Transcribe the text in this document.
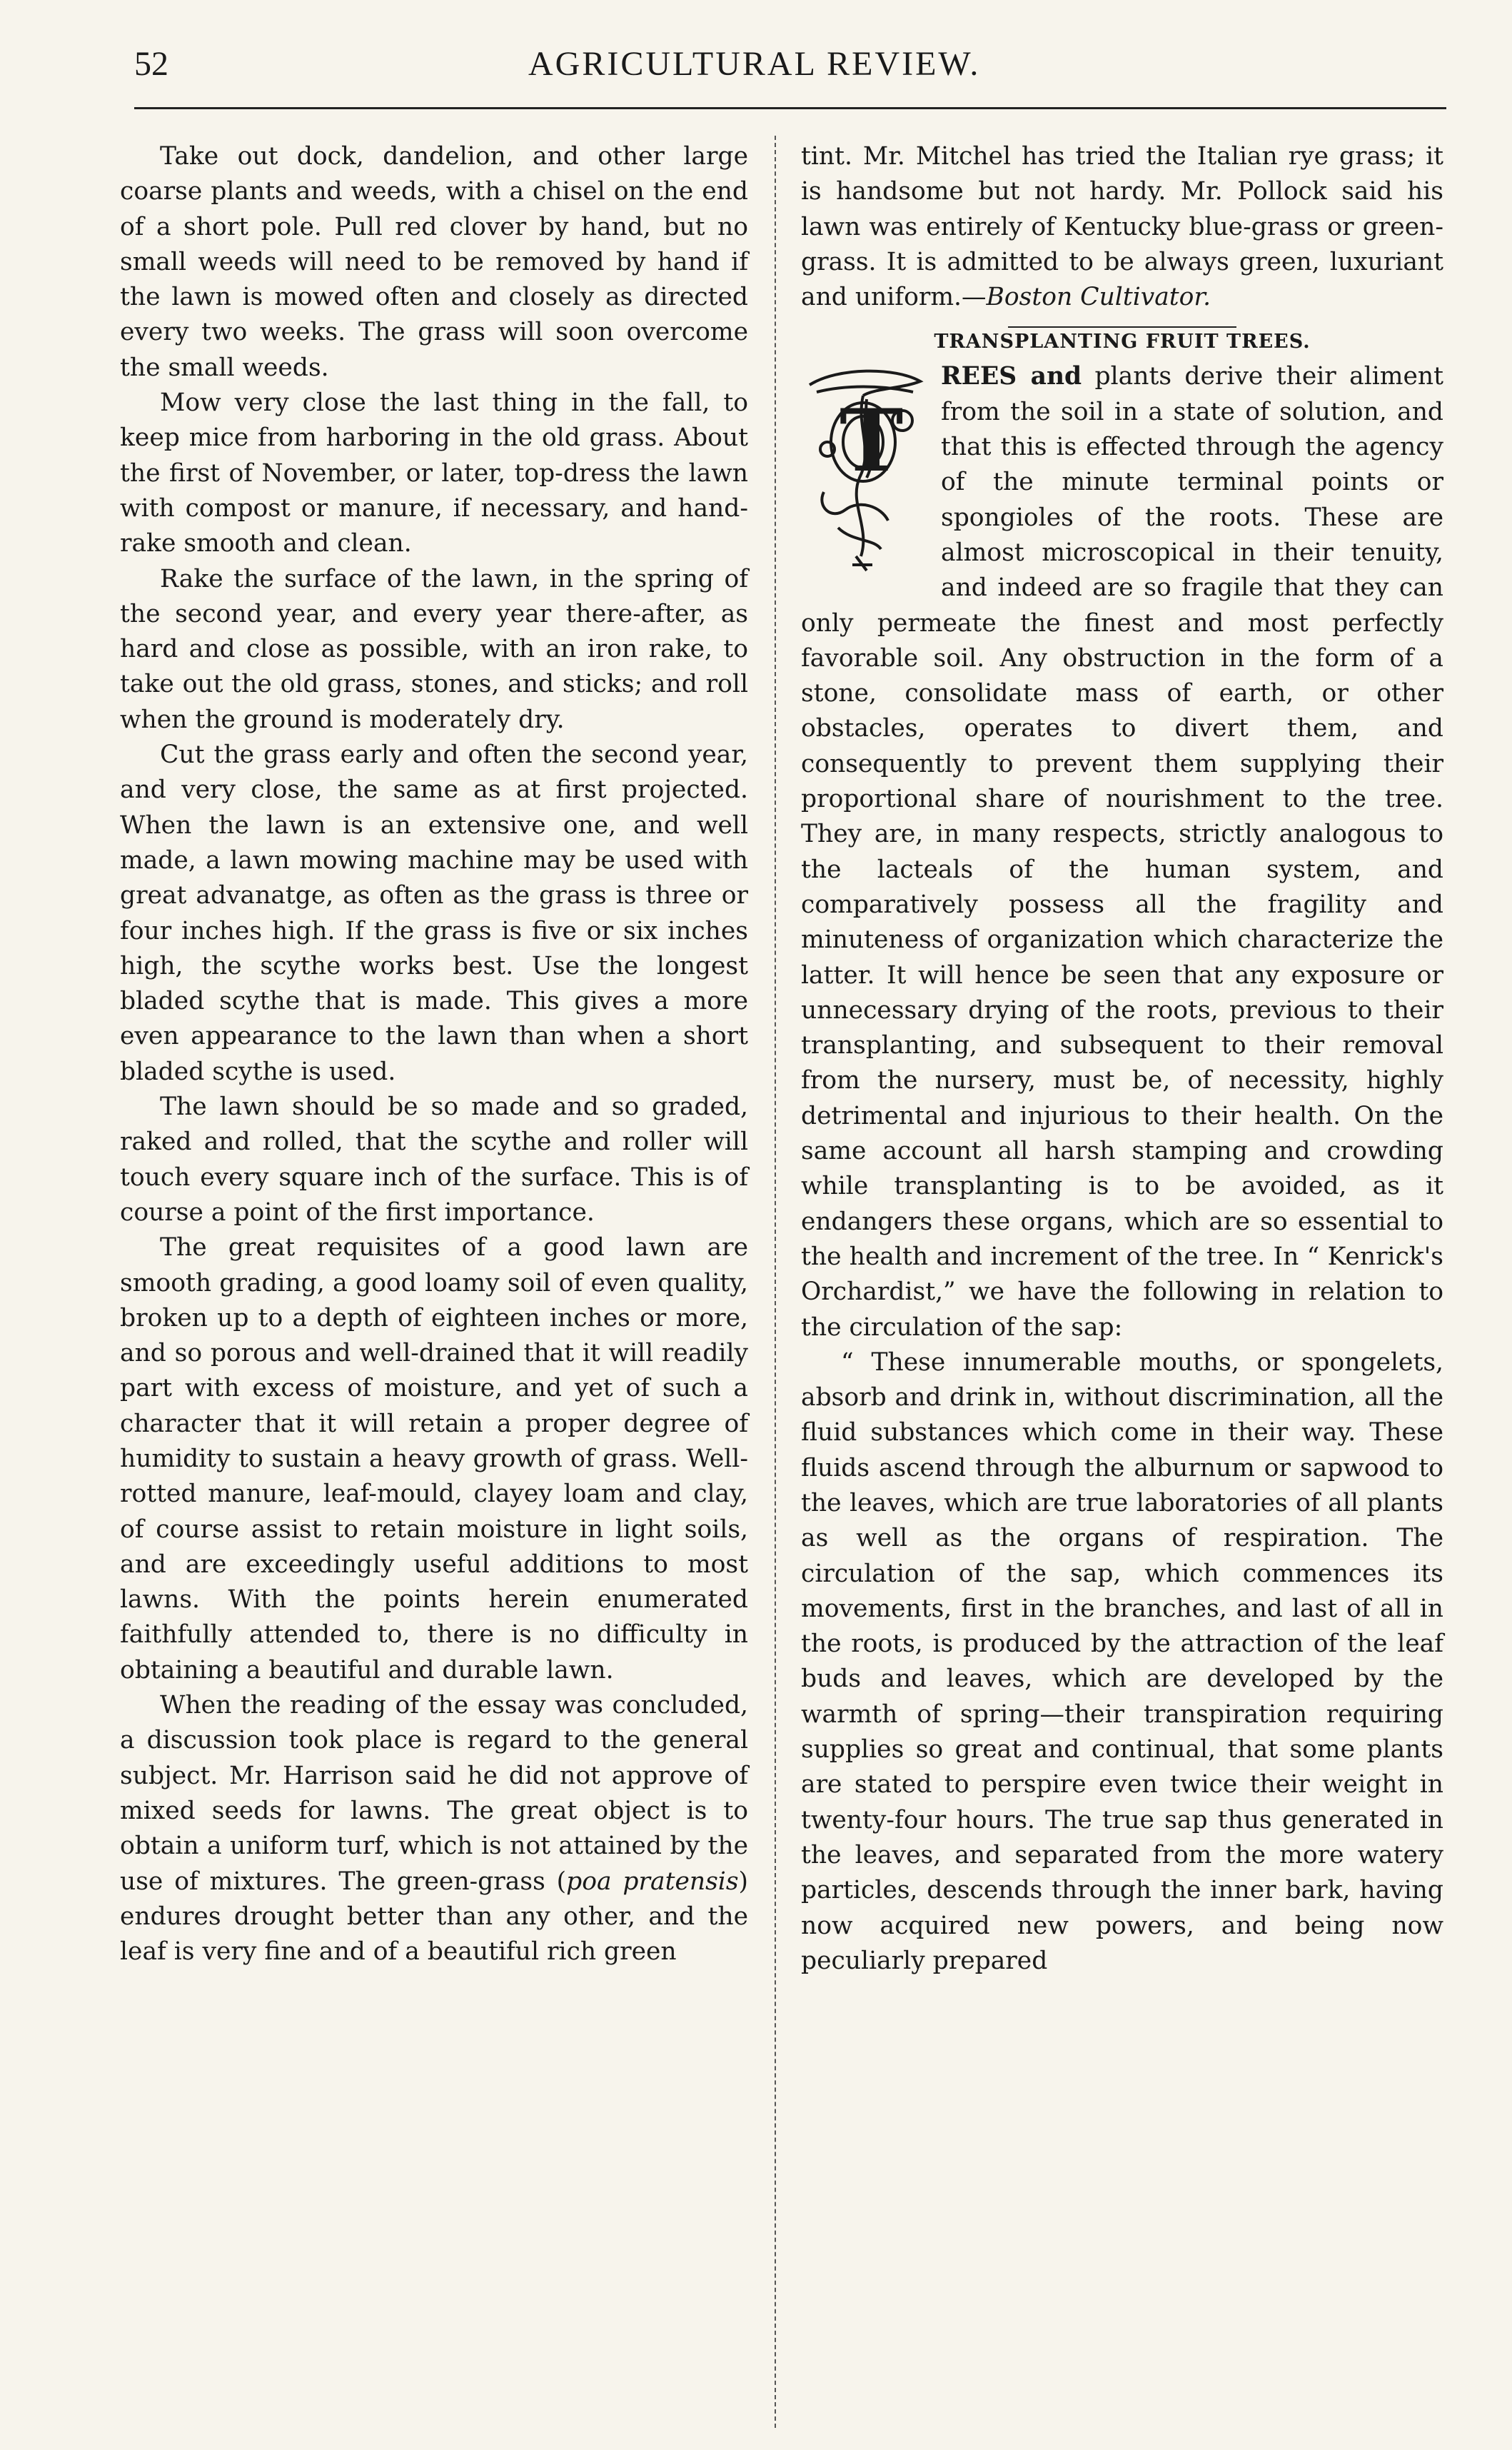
52	AGRICULTURAL REVIEW.

Take out dock, dandelion, and other large coarse plants and weeds, with a chisel on the end of a short pole. Pull red clover by hand, but no small weeds will need to be removed by hand if the lawn is mowed often and closely as directed every two weeks. The grass will soon overcome the small weeds.

Mow very close the last thing in the fall, to keep mice from harboring in the old grass. About the first of November, or later, top-dress the lawn with compost or manure, if necessary, and hand-rake smooth and clean.

Rake the surface of the lawn, in the spring of the second year, and every year there-after, as hard and close as possible, with an iron rake, to take out the old grass, stones, and sticks; and roll when the ground is moderately dry.

Cut the grass early and often the second year, and very close, the same as at first projected. When the lawn is an extensive one, and well made, a lawn mowing machine may be used with great advanatge, as often as the grass is three or four inches high. If the grass is five or six inches high, the scythe works best. Use the longest bladed scythe that is made. This gives a more even appearance to the lawn than when a short bladed scythe is used.

The lawn should be so made and so graded, raked and rolled, that the scythe and roller will touch every square inch of the surface. This is of course a point of the first importance.

The great requisites of a good lawn are smooth grading, a good loamy soil of even quality, broken up to a depth of eighteen inches or more, and so porous and well-drained that it will readily part with excess of moisture, and yet of such a character that it will retain a proper degree of humidity to sustain a heavy growth of grass. Well-rotted manure, leaf-mould, clayey loam and clay, of course assist to retain moisture in light soils, and are exceedingly useful additions to most lawns. With the points herein enumerated faithfully attended to, there is no difficulty in obtaining a beautiful and durable lawn.

When the reading of the essay was concluded, a discussion took place is regard to the general subject. Mr. Harrison said he did not approve of mixed seeds for lawns. The great object is to obtain a uniform turf, which is not attained by the use of mixtures. The green-grass (poa pratensis) endures drought better than any other, and the leaf is very fine and of a beautiful rich green

tint. Mr. Mitchel has tried the Italian rye grass; it is handsome but not hardy. Mr. Pollock said his lawn was entirely of Kentucky blue-grass or green-grass. It is admitted to be always green, luxuriant and uniform.—Boston Cultivator.

TRANSPLANTING FRUIT TREES.
T

REES and plants derive their aliment from the soil in a state of solution, and that this is effected through the agency of the minute terminal points or spongioles of the roots. These are almost microscopical in their tenuity, and indeed are so fragile that they can only permeate the finest and most perfectly favorable soil. Any obstruction in the form of a stone, consolidate mass of earth, or other obstacles, operates to divert them, and consequently to prevent them supplying their proportional share of nourishment to the tree. They are, in many respects, strictly analogous to the lacteals of the human system, and comparatively possess all the fragility and minuteness of organization which characterize the latter. It will hence be seen that any exposure or unnecessary drying of the roots, previous to their transplanting, and subsequent to their removal from the nursery, must be, of necessity, highly detrimental and injurious to their health. On the same account all harsh stamping and crowding while transplanting is to be avoided, as it endangers these organs, which are so essential to the health and increment of the tree. In “ Kenrick's Orchardist,” we have the following in relation to the circulation of the sap:

“ These innumerable mouths, or spongelets, absorb and drink in, without discrimination, all the fluid substances which come in their way. These fluids ascend through the alburnum or sapwood to the leaves, which are true laboratories of all plants as well as the organs of respiration. The circulation of the sap, which commences its movements, first in the branches, and last of all in the roots, is produced by the attraction of the leaf buds and leaves, which are developed by the warmth of spring—their transpiration requiring supplies so great and continual, that some plants are stated to perspire even twice their weight in twenty-four hours. The true sap thus generated in the leaves, and separated from the more watery particles, descends through the inner bark, having now acquired new powers, and being now peculiarly prepared
